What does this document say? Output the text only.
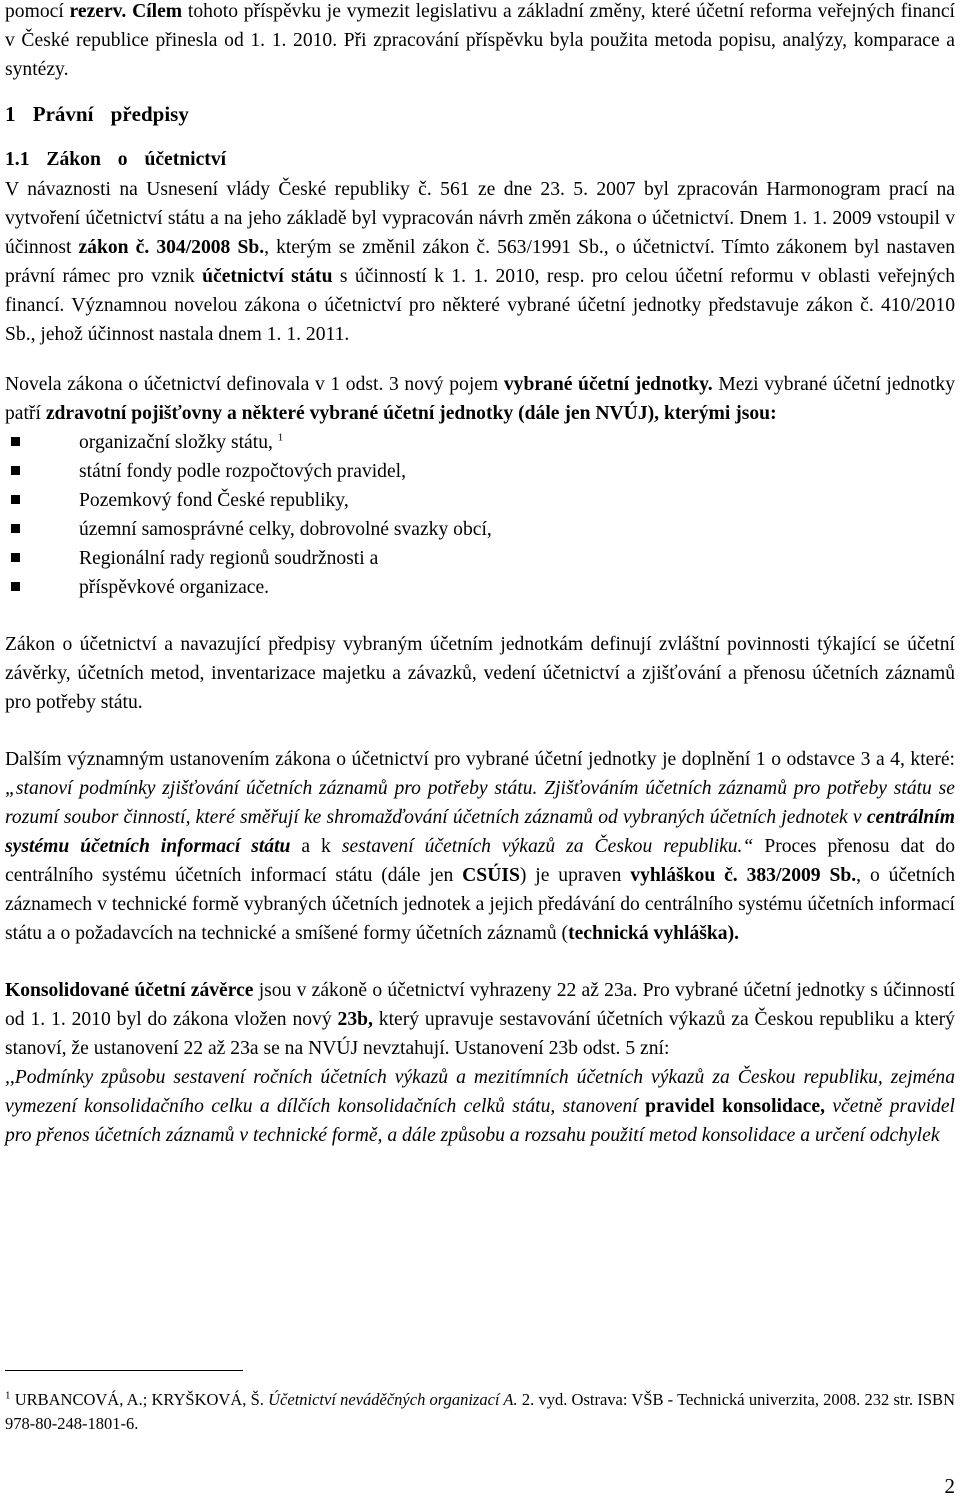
pomocí rezerv. Cílem tohoto příspěvku je vymezit legislativu a základní změny, které účetní reforma veřejných financí v České republice přinesla od 1. 1. 2010. Při zpracování příspěvku byla použita metoda popisu, analýzy, komparace a syntézy.

1 Právní předpisy
1.1 Zákon o účetnictví

V návaznosti na Usnesení vlády České republiky č. 561 ze dne 23. 5. 2007 byl zpracován Harmonogram prací na vytvoření účetnictví státu a na jeho základě byl vypracován návrh změn zákona o účetnictví. Dnem 1. 1. 2009 vstoupil v účinnost zákon č. 304/2008 Sb., kterým se změnil zákon č. 563/1991 Sb., o účetnictví. Tímto zákonem byl nastaven právní rámec pro vznik účetnictví státu s účinností k 1. 1. 2010, resp. pro celou účetní reformu v oblasti veřejných financí. Významnou novelou zákona o účetnictví pro některé vybrané účetní jednotky představuje zákon č. 410/2010 Sb., jehož účinnost nastala dnem 1. 1. 2011.

Novela zákona o účetnictví definovala v 1 odst. 3 nový pojem vybrané účetní jednotky. Mezi vybrané účetní jednotky patří zdravotní pojišťovny a některé vybrané účetní jednotky (dále jen NVÚJ), kterými jsou:

organizační složky státu, $^1$
státní fondy podle rozpočtových pravidel,
Pozemkový fond České republiky,
územní samosprávné celky, dobrovolné svazky obcí,
Regionální rady regionů soudržnosti a
příspěvkové organizace.

Zákon o účetnictví a navazující předpisy vybraným účetním jednotkám definují zvláštní povinnosti týkající se účetní závěrky, účetních metod, inventarizace majetku a závazků, vedení účetnictví a zjišťování a přenosu účetních záznamů pro potřeby státu.

Dalším významným ustanovením zákona o účetnictví pro vybrané účetní jednotky je doplnění 1 o odstavce 3 a 4, které: „stanoví podmínky zjišťování účetních záznamů pro potřeby státu. Zjišťováním účetních záznamů pro potřeby státu se rozumí soubor činností, které směřují ke shromažďování účetních záznamů od vybraných účetních jednotek v centrálním systému účetních informací státu a k sestavení účetních výkazů za Českou republiku.“ Proces přenosu dat do centrálního systému účetních informací státu (dále jen CSÚIS) je upraven vyhláškou č. 383/2009 Sb., o účetních záznamech v technické formě vybraných účetních jednotek a jejich předávání do centrálního systému účetních informací státu a o požadavcích na technické a smíšené formy účetních záznamů (technická vyhláška).

Konsolidované účetní závěrce jsou v zákoně o účetnictví vyhrazeny 22 až 23a. Pro vybrané účetní jednotky s účinností od 1. 1. 2010 byl do zákona vložen nový 23b, který upravuje sestavování účetních výkazů za Českou republiku a který stanoví, že ustanovení 22 až 23a se na NVÚJ nevztahují. Ustanovení 23b odst. 5 zní:

,,Podmínky způsobu sestavení ročních účetních výkazů a mezitímních účetních výkazů za Českou republiku, zejména vymezení konsolidačního celku a dílčích konsolidačních celků státu, stanovení pravidel konsolidace, včetně pravidel pro přenos účetních záznamů v technické formě, a dále způsobu a rozsahu použití metod konsolidace a určení odchylek

$^1$ URBANCOVÁ, A.; KRYŠKOVÁ, Š. Účetnictví neváděčných organizací A. 2. vyd. Ostrava: VŠB - Technická univerzita, 2008. 232 str. ISBN 978-80-248-1801-6.
2
